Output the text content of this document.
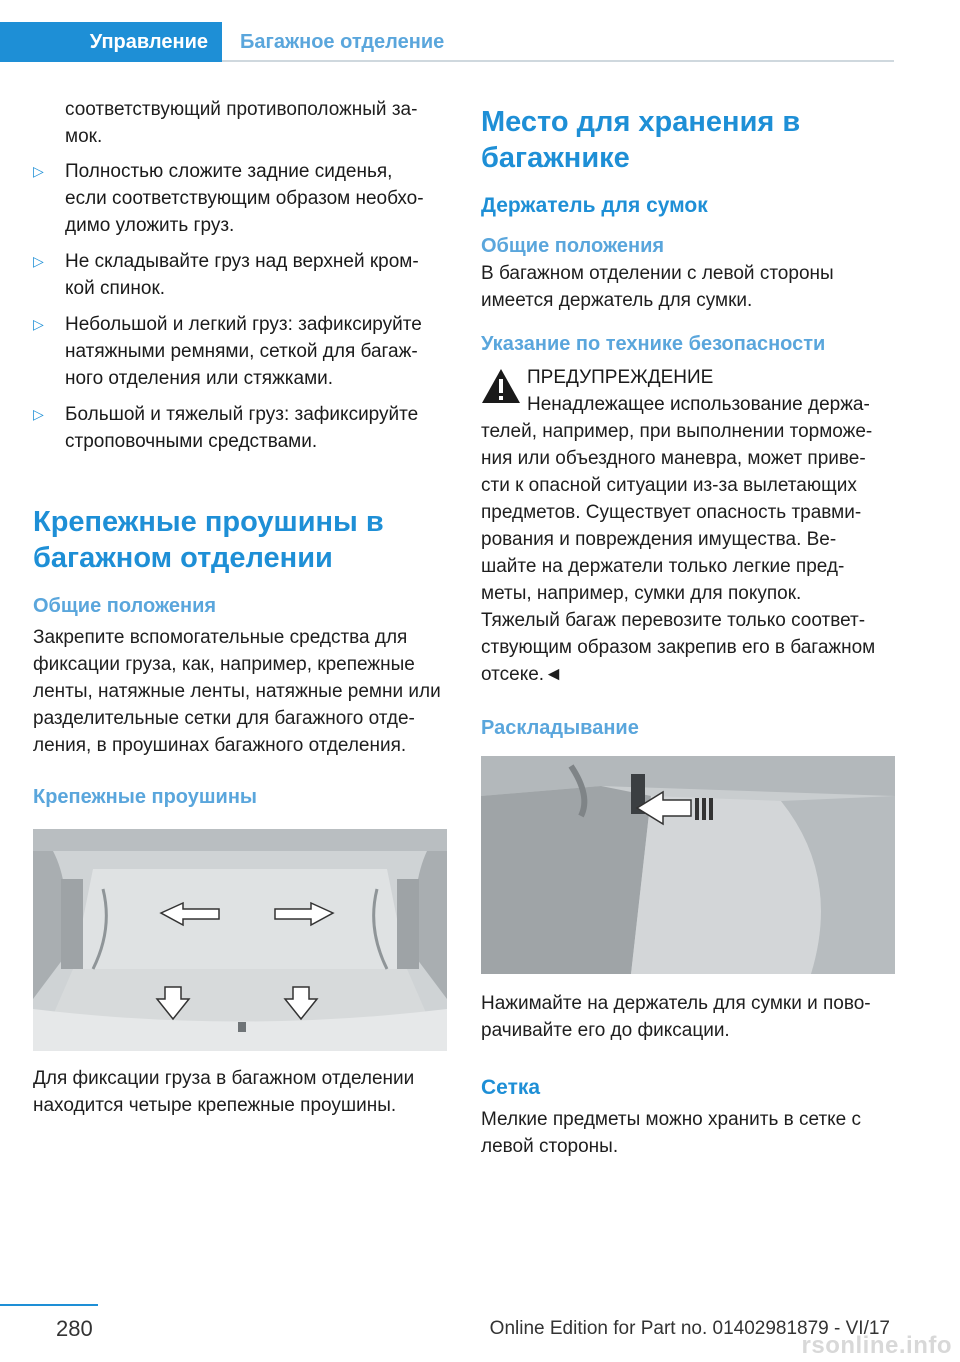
Управление	Багажное отделение

соответствующий противоположный за-

мок.

▷ Полностью сложите задние сиденья,
если соответствующим образом необхо-
димо уложить груз.
▷ Не складывайте груз над верхней кром-
кой спинок.
▷ Небольшой и легкий груз: зафиксируйте
натяжными ремнями, сеткой для багаж-
ного отделения или стяжками.
▷ Большой и тяжелый груз: зафиксируйте
строповочными средствами.
Крепежные проушины в
багажном отделении
Общие положения

Закрепите вспомогательные средства для

фиксации груза, как, например, крепежные

ленты, натяжные ленты, натяжные ремни или

разделительные сетки для багажного отде-

ления, в проушинах багажного отделения.

Крепежные проушины

Для фиксации груза в багажном отделении

находится четыре крепежные проушины.

Место для хранения в
багажнике
Держатель для сумок
Общие положения

В багажном отделении с левой стороны

имеется держатель для сумки.

Указание по технике безопасности

ПРЕДУПРЕЖДЕНИЕ

Ненадлежащее использование держа-

телей, например, при выполнении торможе-

ния или объездного маневра, может приве-

сти к опасной ситуации из-за вылетающих

предметов. Существует опасность травми-

рования и повреждения имущества. Ве-

шайте на держатели только легкие пред-

меты, например, сумки для покупок.

Тяжелый багаж перевозите только соответ-

ствующим образом закрепив его в багажном

отсеке.◄

Раскладывание

Нажимайте на держатель для сумки и пово-

рачивайте его до фиксации.

Сетка

Мелкие предметы можно хранить в сетке с

левой стороны.

280	Online Edition for Part no. 01402981879 - VI/17
rsonline.info
